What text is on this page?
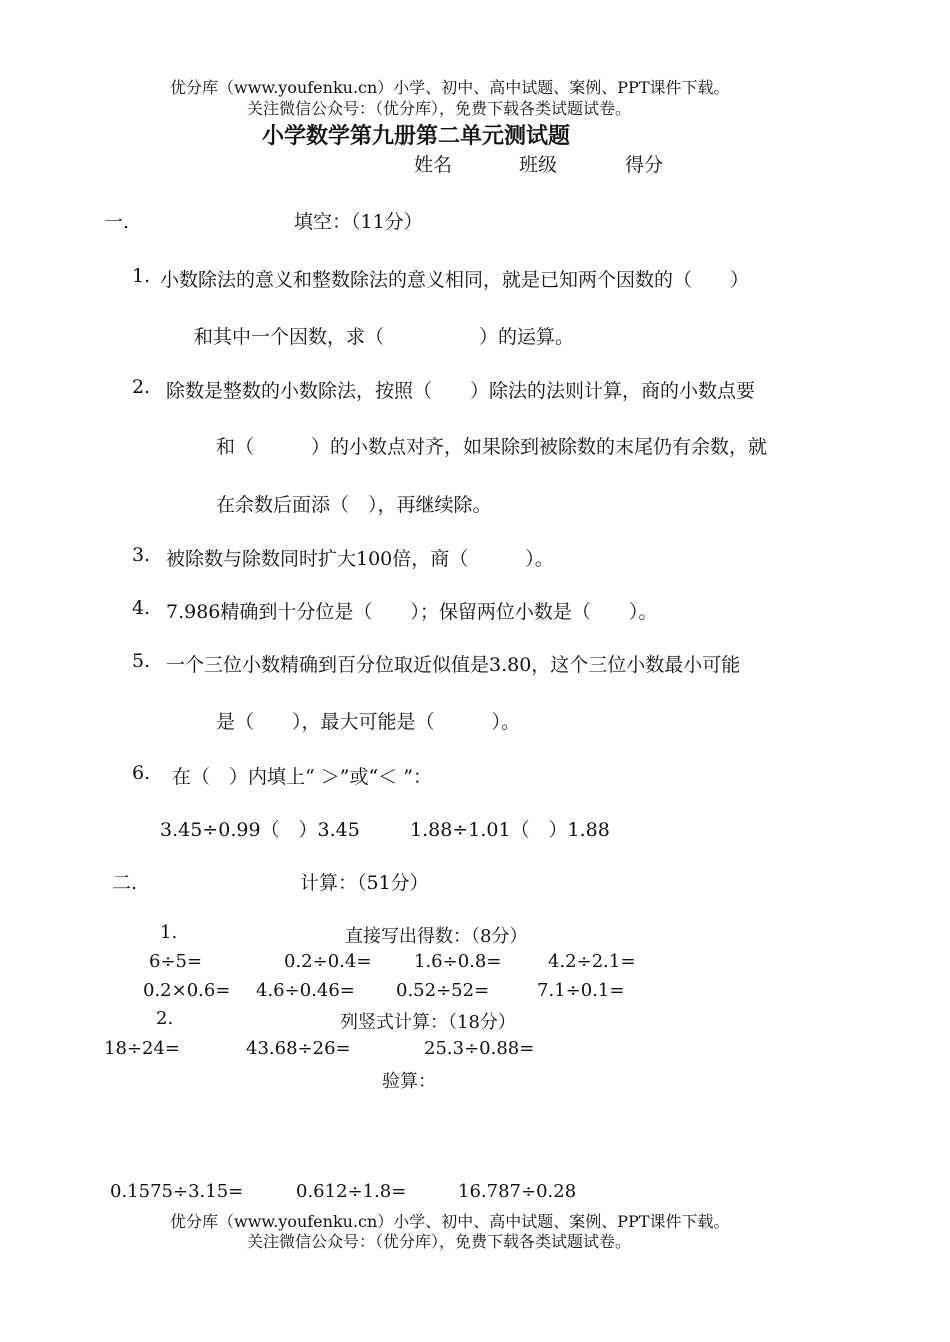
优分库（www.youfenku.cn）小学、初中、高中试题、案例、PPT课件下载。
关注微信公众号：（优分库），免费下载各类试题试卷。
小学数学第九册第二单元测试题
姓名	班级	得分
一.	填空：（11分）
1. 小数除法的意义和整数除法的意义相同，就是已知两个因数的（　　）
和其中一个因数，求（　　　　　）的运算。
2. 除数是整数的小数除法，按照（　　）除法的法则计算，商的小数点要
和（　　　）的小数点对齐，如果除到被除数的末尾仍有余数，就
在余数后面添（　），再继续除。
3. 被除数与除数同时扩大100倍，商（　　　）。
4. 7.986精确到十分位是（　　）；保留两位小数是（　　）。
5. 一个三位小数精确到百分位取近似值是3.80，这个三位小数最小可能
是（　　），最大可能是（　　　）。
6. 在（　）内填上“ ＞”或“＜ ”：
3.45÷0.99（　）3.45	1.88÷1.01（　）1.88
二.	计算：（51分）
1.	直接写出得数：（8分）
6÷5=	0.2÷0.4= 1.6÷0.8=	4.2÷2.1=
0.2×0.6= 4.6÷0.46= 0.52÷52=	7.1÷0.1=
2.	列竖式计算：（18分）
18÷24=	43.68÷26=	25.3÷0.88=
验算：
0.1575÷3.15=	0.612÷1.8=	16.787÷0.28
优分库（www.youfenku.cn）小学、初中、高中试题、案例、PPT课件下载。
关注微信公众号：（优分库），免费下载各类试题试卷。
